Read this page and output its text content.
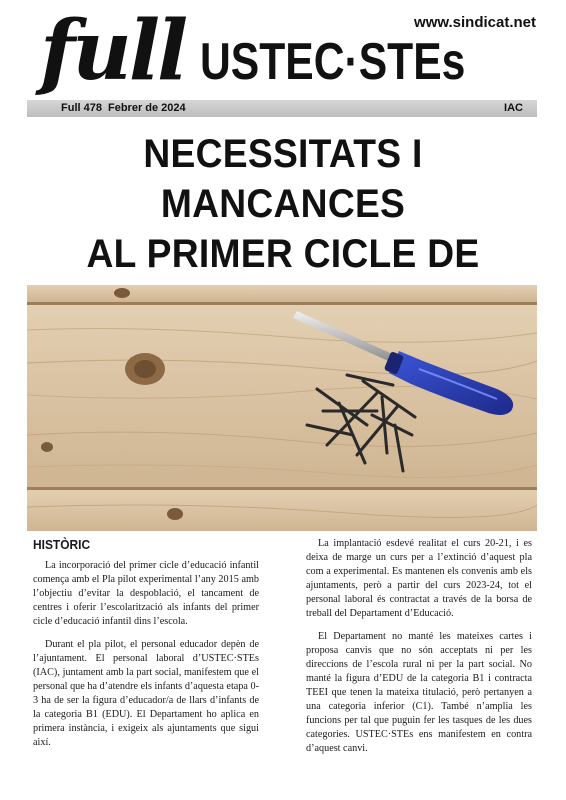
full USTEC·STEs
www.sindicat.net
Full 478 Febrer de 2024	IAC
NECESSITATS I MANCANCES
AL PRIMER CICLE DE
HISTÒRIC

La incorporació del primer cicle d’educació infantil comença amb el Pla pilot experimental l’any 2015 amb l’objectiu d’evitar la despoblació, el tancament de centres i oferir l’escolarització als infants del primer cicle d’educació infantil dins l’escola.

Durant el pla pilot, el personal educador depèn de l’ajuntament. El personal laboral d’USTEC·STEs (IAC), juntament amb la part social, manifestem que el personal que ha d’atendre els infants d’aquesta etapa 0-3 ha de ser la figura d’educador/a de llars d’infants de la categoria B1 (EDU). El Departament ho aplica en primera instància, i exigeix als ajuntaments que sigui així.

La implantació esdevé realitat el curs 20-21, i es deixa de marge un curs per a l’extinció d’aquest pla com a experimental. Es mantenen els convenis amb els ajuntaments, però a partir del curs 2023-24, tot el personal laboral és contractat a través de la borsa de treball del Departament d’Educació.

El Departament no manté les mateixes cartes i proposa canvis que no són acceptats ni per les direccions de l’escola rural ni per la part social. No manté la figura d’EDU de la categoria B1 i contracta TEEI que tenen la mateixa titulació, però pertanyen a una categoria inferior (C1). També n’amplia les funcions per tal que puguin fer les tasques de les dues categories. USTEC·STEs ens manifestem en contra d’aquest canvi.
